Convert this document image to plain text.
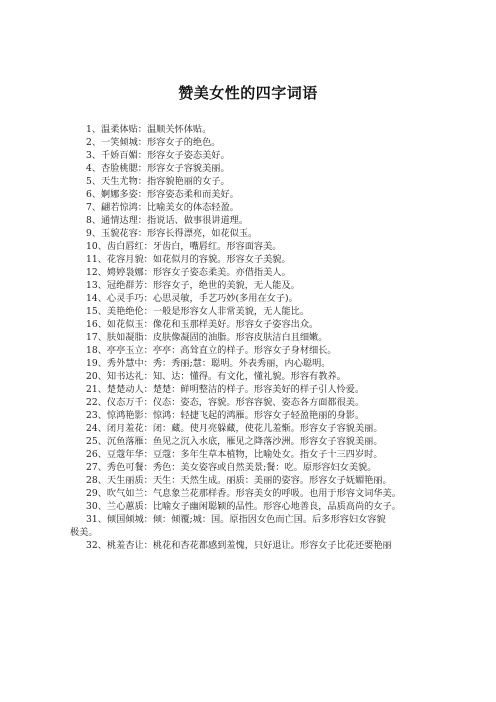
赞美女性的四字词语
1、温柔体贴：温顺关怀体贴。
2、一笑倾城：形容女子的绝色。
3、千娇百媚：形容女子姿态美好。
4、杏脸桃腮：形容女子容貌美丽。
5、天生尤物：指容貌艳丽的女子。
6、婀娜多姿：形容姿态柔和而美好。
7、翩若惊鸿：比喻美女的体态轻盈。
8、通情达理：指说话、做事很讲道理。
9、玉貌花容：形容长得漂亮，如花似玉。
10、齿白唇红：牙齿白，嘴唇红。形容面容美。
11、花容月貌：如花似月的容貌。形容女子美貌。
12、娉婷袅娜：形容女子姿态柔美。亦借指美人。
13、冠绝群芳：形容女子，绝世的美貌，无人能及。
14、心灵手巧：心思灵敏，手艺巧妙(多用在女子)。
15、美艳绝伦：一般是形容女人非常美貌，无人能比。
16、如花似玉：像花和玉那样美好。形容女子姿容出众。
17、肤如凝脂：皮肤像凝固的油脂。形容皮肤洁白且细嫩。
18、亭亭玉立：亭亭：高耸直立的样子。形容女子身材细长。
19、秀外慧中：秀：秀丽;慧：聪明。外表秀丽，内心聪明。
20、知书达礼：知、达：懂得。有文化，懂礼貌。形容有教养。
21、楚楚动人：楚楚：鲜明整洁的样子。形容美好的样子引人怜爱。
22、仪态万千：仪态：姿态，容貌。形容容貌、姿态各方面都很美。
23、惊鸿艳影：惊鸿：轻捷飞起的鸿雁。形容女子轻盈艳丽的身影。
24、闭月羞花：闭：藏。使月亮躲藏，使花儿羞惭。形容女子容貌美丽。
25、沉鱼落雁：鱼见之沉入水底，雁见之降落沙洲。形容女子容貌美丽。
26、豆蔻年华：豆蔻：多年生草本植物，比喻处女。指女子十三四岁时。
27、秀色可餐：秀色：美女姿容或自然美景;餐：吃。原形容妇女美貌。
28、天生丽质：天生：天然生成。丽质：美丽的姿容。形容女子妩媚艳丽。
29、吹气如兰：气息象兰花那样香。形容美女的呼吸。也用于形容文词华美。
30、兰心蕙质：比喻女子幽闲聪颖的品性。形容心地善良，品质高尚的女子。
31、倾国倾城：倾：倾覆;城：国。原指因女色而亡国。后多形容妇女容貌
极美。
32、桃羞杏让：桃花和杏花都感到羞愧，只好退让。形容女子比花还要艳丽
